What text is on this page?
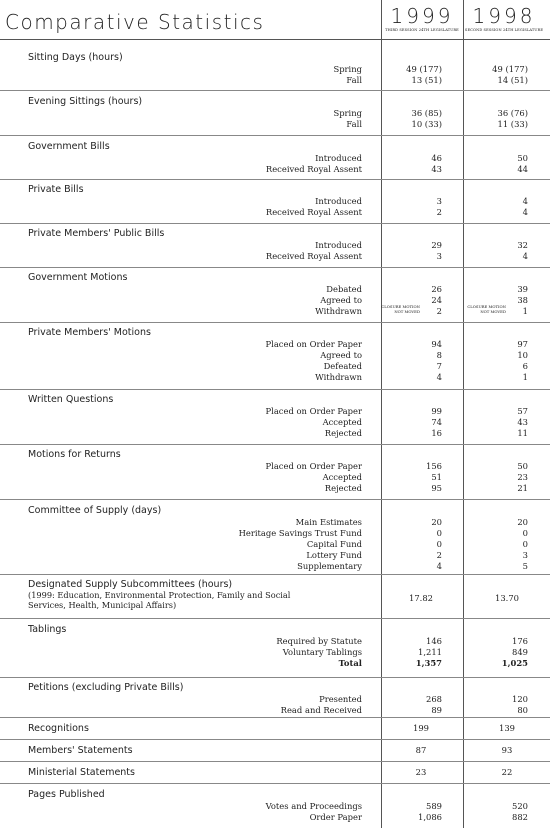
Comparative Statistics	1999
THIRD SESSION 24TH LEGISLATURE
1998
SECOND SESSION 24TH LEGISLATURE
Sitting Days (hours)
Spring	49 (177)	49 (177)
Fall	13 (51)	14 (51)
Evening Sittings (hours)
Spring	36 (85)	36 (76)
Fall	10 (33)	11 (33)
Government Bills
Introduced	46	50
Received Royal Assent	43	44
Private Bills
Introduced	3	4
Received Royal Assent	2	4
Private Members' Public Bills
Introduced	29	32
Received Royal Assent	3	4
Government Motions
Debated	26	39
Agreed to	24	38
Withdrawn	2	1
CLOSURE MOTION NOT MOVED
CLOSURE MOTION NOT MOVED
Private Members' Motions
Placed on Order Paper	94	97
Agreed to	8	10
Defeated	7	6
Withdrawn	4	1
Written Questions
Placed on Order Paper	99	57
Accepted	74	43
Rejected	16	11
Motions for Returns
Placed on Order Paper	156	50
Accepted	51	23
Rejected	95	21
Committee of Supply (days)
Main Estimates	20	20
Heritage Savings Trust Fund	0	0
Capital Fund	0	0
Lottery Fund	2	3
Supplementary	4	5
Designated Supply Subcommittees (hours)
(1999: Education, Environmental Protection, Family and Social Services, Health, Municipal Affairs)
17.82	13.70
Tablings
Required by Statute	146	176
Voluntary Tablings	1,211	849
Total	1,357	1,025
Petitions (excluding Private Bills)
Presented	268	120
Read and Received	89	80
Recognitions	199	139
Members' Statements	87	93
Ministerial Statements	23	22
Pages Published
Votes and Proceedings	589	520
Order Paper	1,086	882
